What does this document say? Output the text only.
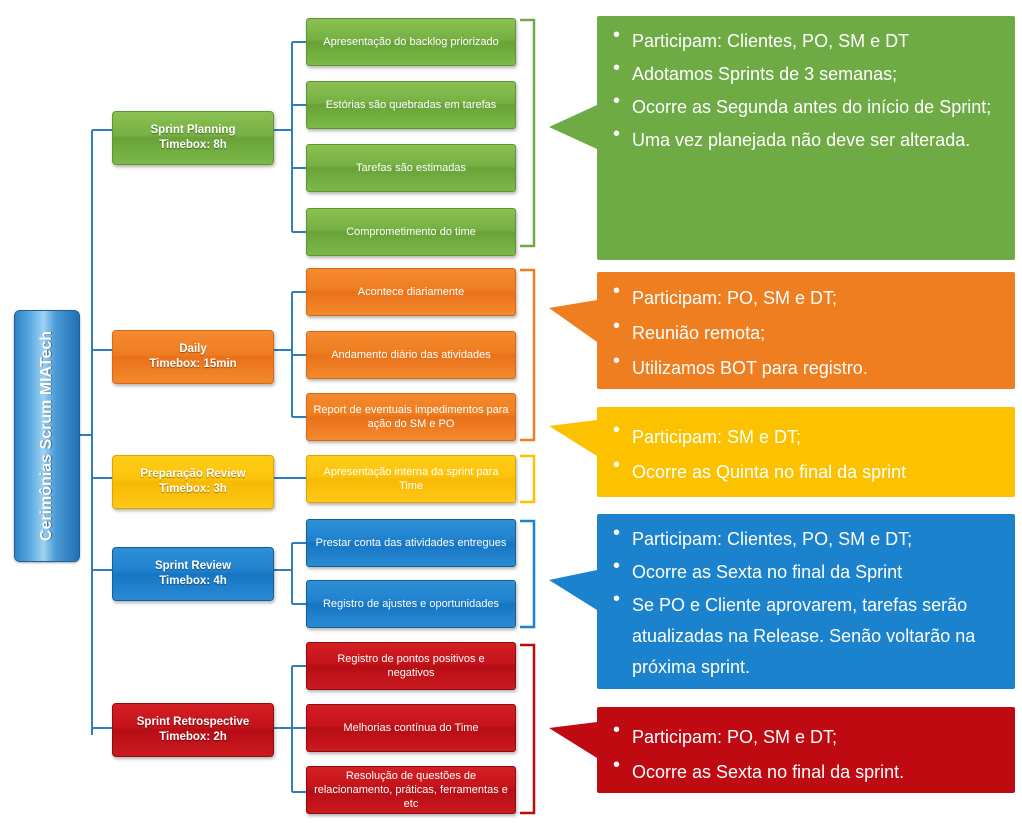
Cerimônias Scrum MIATech
Sprint Planning
Timebox: 8h
Daily
Timebox: 15min
Preparação Review
Timebox: 3h
Sprint Review
Timebox: 4h
Sprint Retrospective
Timebox: 2h
Apresentação do backlog priorizado
Estórias são quebradas em tarefas
Tarefas são estimadas
Comprometimento do time
Acontece diariamente
Andamento diário das atividades
Report de eventuais impedimentos para ação do SM e PO
Apresentação interna da sprint para Time
Prestar conta das atividades entregues
Registro de ajustes e oportunidades
Registro de pontos positivos e negativos
Melhorias contínua do Time
Resolução de questões de relacionamento, práticas, ferramentas e etc
• Participam: Clientes, PO, SM e DT
• Adotamos Sprints de 3 semanas;
• Ocorre as Segunda antes do início de Sprint;
• Uma vez planejada não deve ser alterada.
• Participam: PO, SM e DT;
• Reunião remota;
• Utilizamos BOT para registro.
• Participam: SM e DT;
• Ocorre as Quinta no final da sprint
• Participam: Clientes, PO, SM e DT;
• Ocorre as Sexta no final da Sprint
• Se PO e Cliente aprovarem, tarefas serão atualizadas na Release. Senão voltarão na próxima sprint.
• Participam: PO, SM e DT;
• Ocorre as Sexta no final da sprint.
